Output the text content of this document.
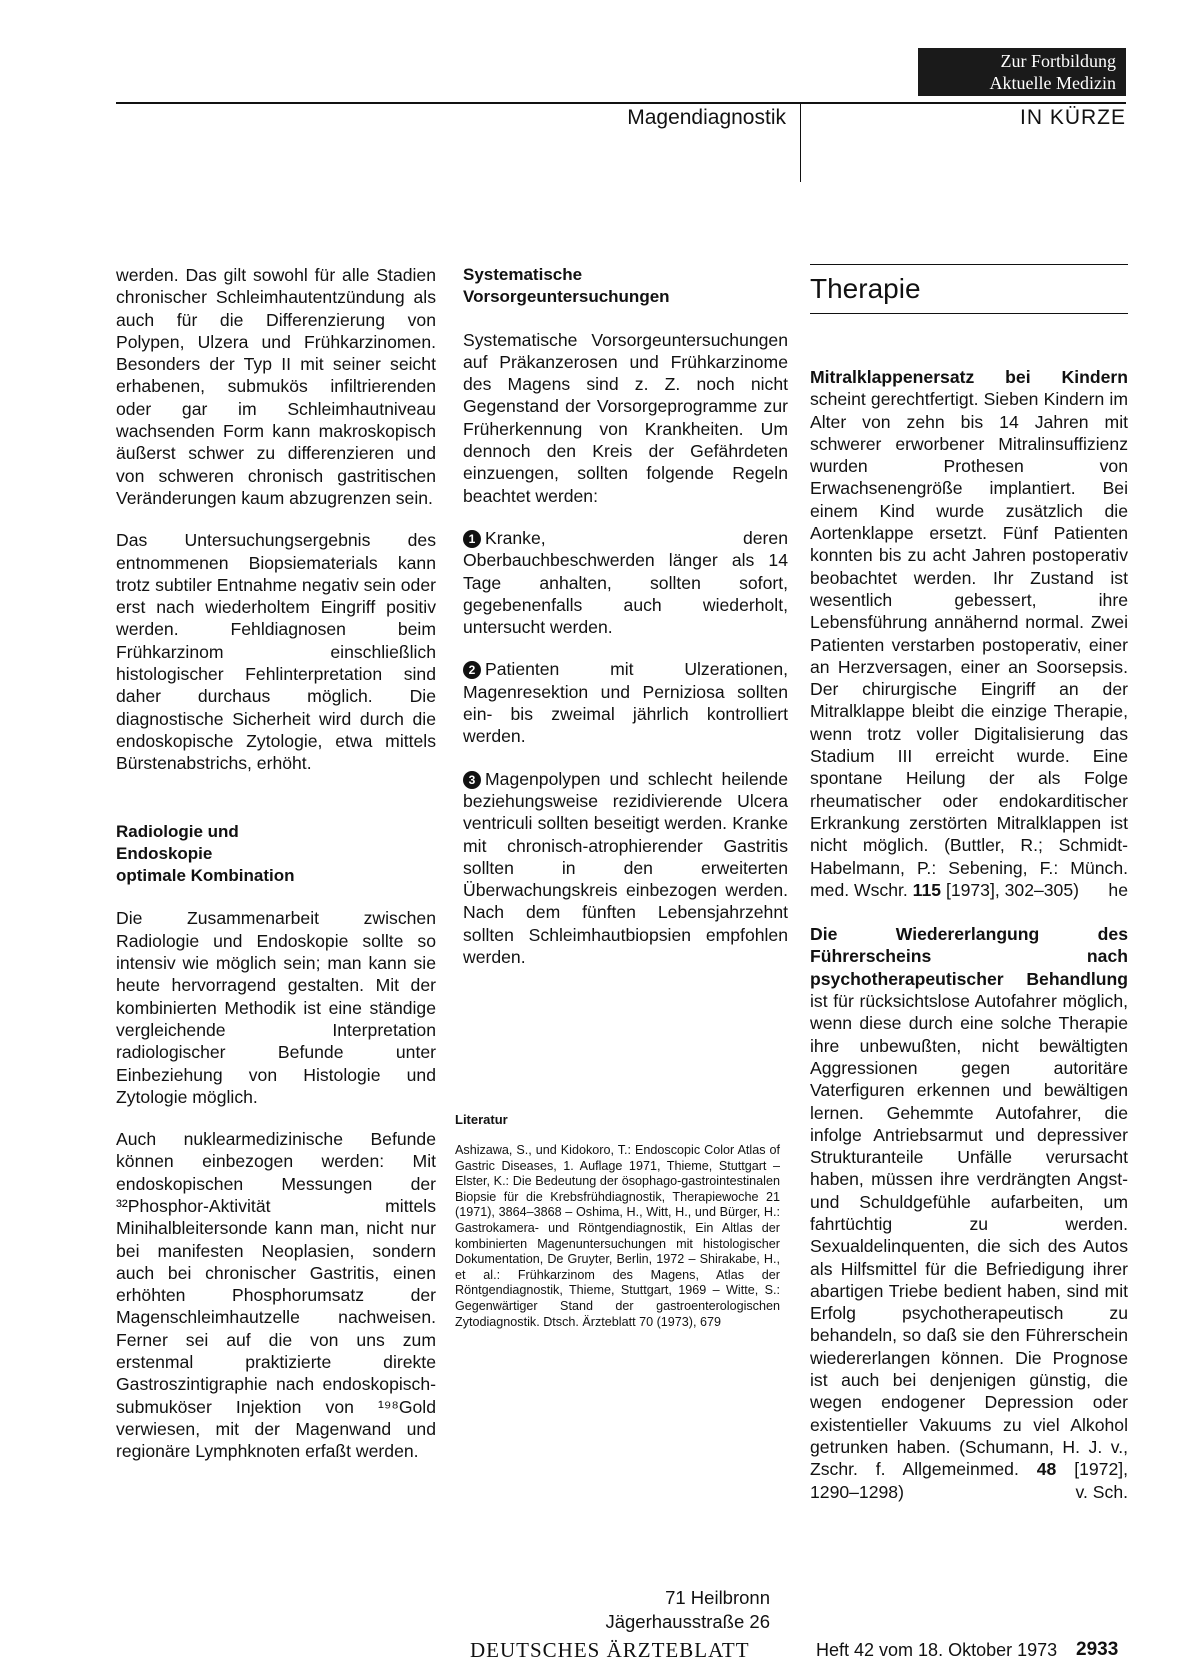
Zur Fortbildung
Aktuelle Medizin
Magendiagnostik	IN KÜRZE

werden. Das gilt sowohl für alle Stadien chronischer Schleimhautentzündung als auch für die Differenzierung von Polypen, Ulzera und Frühkarzinomen. Besonders der Typ II mit seiner seicht erhabenen, submukös infiltrierenden oder gar im Schleimhautniveau wachsenden Form kann makroskopisch äußerst schwer zu differenzieren und von schweren chronisch gastritischen Veränderungen kaum abzugrenzen sein.

Das Untersuchungsergebnis des entnommenen Biopsiematerials kann trotz subtiler Entnahme negativ sein oder erst nach wiederholtem Eingriff positiv werden. Fehldiagnosen beim Frühkarzinom einschließlich histologischer Fehlinterpretation sind daher durchaus möglich. Die diagnostische Sicherheit wird durch die endoskopische Zytologie, etwa mittels Bürstenabstrichs, erhöht.

Radiologie und
Endoskopie
optimale Kombination

Die Zusammenarbeit zwischen Radiologie und Endoskopie sollte so intensiv wie möglich sein; man kann sie heute hervorragend gestalten. Mit der kombinierten Methodik ist eine ständige vergleichende Interpretation radiologischer Befunde unter Einbeziehung von Histologie und Zytologie möglich.

Auch nuklearmedizinische Befunde können einbezogen werden: Mit endoskopischen Messungen der ³²Phosphor-Aktivität mittels Minihalbleitersonde kann man, nicht nur bei manifesten Neoplasien, sondern auch bei chronischer Gastritis, einen erhöhten Phosphorumsatz der Magenschleimhautzelle nachweisen. Ferner sei auf die von uns zum erstenmal praktizierte direkte Gastroszintigraphie nach endoskopisch-submuköser Injektion von ¹⁹⁸Gold verwiesen, mit der Magenwand und regionäre Lymphknoten erfaßt werden.

Systematische
Vorsorgeuntersuchungen

Systematische Vorsorgeuntersuchungen auf Präkanzerosen und Frühkarzinome des Magens sind z. Z. noch nicht Gegenstand der Vorsorgeprogramme zur Früherkennung von Krankheiten. Um dennoch den Kreis der Gefährdeten einzuengen, sollten folgende Regeln beachtet werden:

1 Kranke, deren Oberbauchbeschwerden länger als 14 Tage anhalten, sollten sofort, gegebenenfalls auch wiederholt, untersucht werden.

2 Patienten mit Ulzerationen, Magenresektion und Perniziosa sollten ein- bis zweimal jährlich kontrolliert werden.

3 Magenpolypen und schlecht heilende beziehungsweise rezidivierende Ulcera ventriculi sollten beseitigt werden. Kranke mit chronisch-atrophierender Gastritis sollten in den erweiterten Überwachungskreis einbezogen werden. Nach dem fünften Lebensjahrzehnt sollten Schleimhautbiopsien empfohlen werden.

Literatur
Ashizawa, S., und Kidokoro, T.: Endoscopic Color Atlas of Gastric Diseases, 1. Auflage 1971, Thieme, Stuttgart – Elster, K.: Die Bedeutung der ösophago-gastrointestinalen Biopsie für die Krebsfrühdiagnostik, Therapiewoche 21 (1971), 3864–3868 – Oshima, H., Witt, H., und Bürger, H.: Gastrokamera- und Röntgendiagnostik, Ein Altlas der kombinierten Magenuntersuchungen mit histologischer Dokumentation, De Gruyter, Berlin, 1972 – Shirakabe, H., et al.: Frühkarzinom des Magens, Atlas der Röntgendiagnostik, Thieme, Stuttgart, 1969 – Witte, S.: Gegenwärtiger Stand der gastroenterologischen Zytodiagnostik. Dtsch. Ärzteblatt 70 (1973), 679
71 Heilbronn
Jägerhausstraße 26
Therapie

Mitralklappenersatz bei Kindern scheint gerechtfertigt. Sieben Kindern im Alter von zehn bis 14 Jahren mit schwerer erworbener Mitralinsuffizienz wurden Prothesen von Erwachsenengröße implantiert. Bei einem Kind wurde zusätzlich die Aortenklappe ersetzt. Fünf Patienten konnten bis zu acht Jahren postoperativ beobachtet werden. Ihr Zustand ist wesentlich gebessert, ihre Lebensführung annähernd normal. Zwei Patienten verstarben postoperativ, einer an Herzversagen, einer an Soorsepsis. Der chirurgische Eingriff an der Mitralklappe bleibt die einzige Therapie, wenn trotz voller Digitalisierung das Stadium III erreicht wurde. Eine spontane Heilung der als Folge rheumatischer oder endokarditischer Erkrankung zerstörten Mitralklappen ist nicht möglich. (Buttler, R.; Schmidt-Habelmann, P.: Sebening, F.: Münch. med. Wschr. 115 [1973], 302–305) he

Die Wiedererlangung des Führerscheins nach psychotherapeutischer Behandlung ist für rücksichtslose Autofahrer möglich, wenn diese durch eine solche Therapie ihre unbewußten, nicht bewältigten Aggressionen gegen autoritäre Vaterfiguren erkennen und bewältigen lernen. Gehemmte Autofahrer, die infolge Antriebsarmut und depressiver Strukturanteile Unfälle verursacht haben, müssen ihre verdrängten Angst- und Schuldgefühle aufarbeiten, um fahrtüchtig zu werden. Sexualdelinquenten, die sich des Autos als Hilfsmittel für die Befriedigung ihrer abartigen Triebe bedient haben, sind mit Erfolg psychotherapeutisch zu behandeln, so daß sie den Führerschein wiedererlangen können. Die Prognose ist auch bei denjenigen günstig, die wegen endogener Depression oder existentieller Vakuums zu viel Alkohol getrunken haben. (Schumann, H. J. v., Zschr. f. Allgemeinmed. 48 [1972], 1290–1298)	v. Sch.

DEUTSCHES ÄRZTEBLATT	Heft 42 vom 18. Oktober 1973 2933
